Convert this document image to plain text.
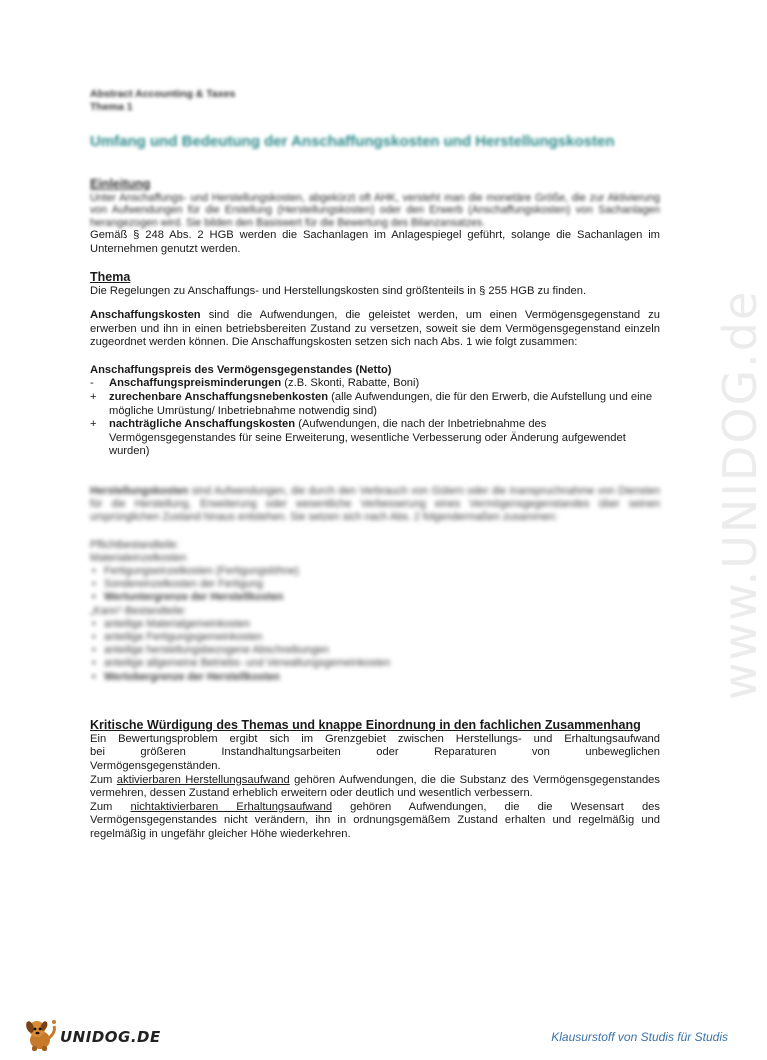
www.UNIDOG.de
Abstract Accounting & Taxes
Thema 1
Umfang und Bedeutung der Anschaffungskosten und Herstellungskosten
Einleitung

Unter Anschaffungs- und Herstellungskosten, abgekürzt oft AHK, versteht man die monetäre Größe, die zur Aktivierung von Aufwendungen für die Erstellung (Herstellungskosten) oder den Erwerb (Anschaffungskosten) von Sachanlagen herangezogen wird. Sie bilden den Basiswert für die Bewertung des Bilanzansatzes.

Gemäß § 248 Abs. 2 HGB werden die Sachanlagen im Anlagespiegel geführt, solange die Sachanlagen im Unternehmen genutzt werden.

Thema

Die Regelungen zu Anschaffungs- und Herstellungskosten sind größtenteils in § 255 HGB zu finden.

Anschaffungskosten sind die Aufwendungen, die geleistet werden, um einen Vermögensgegenstand zu erwerben und ihn in einen betriebsbereiten Zustand zu versetzen, soweit sie dem Vermögensgegenstand einzeln zugeordnet werden können. Die Anschaffungskosten setzen sich nach Abs. 1 wie folgt zusammen:

Anschaffungspreis des Vermögensgegenstandes (Netto)
-	Anschaffungspreisminderungen (z.B. Skonti, Rabatte, Boni)
+	zurechenbare Anschaffungsnebenkosten (alle Aufwendungen, die für den Erwerb, die Aufstellung und eine mögliche Umrüstung/ Inbetriebnahme notwendig sind)
+	nachträgliche Anschaffungskosten (Aufwendungen, die nach der Inbetriebnahme des Vermögensgegenstandes für seine Erweiterung, wesentliche Verbesserung oder Änderung aufgewendet wurden)

Herstellungskosten sind Aufwendungen, die durch den Verbrauch von Gütern oder die Inanspruchnahme von Diensten für die Herstellung, Erweiterung oder wesentliche Verbesserung eines Vermögensgegenstandes über seinen ursprünglichen Zustand hinaus entstehen. Sie setzen sich nach Abs. 2 folgendermaßen zusammen:

Pflichtbestandteile:
Materialeinzelkosten
• Fertigungseinzelkosten (Fertigungslöhne)
• Sondereinzelkosten der Fertigung
• Wertuntergrenze der Herstellkosten
„Kann“-Bestandteile:
• anteilige Materialgemeinkosten
• anteilige Fertigungsgemeinkosten
• anteilige herstellungsbezogene Abschreibungen
• anteilige allgemeine Betriebs- und Verwaltungsgemeinkosten
• Wertobergrenze der Herstellkosten
Kritische Würdigung des Themas und knappe Einordnung in den fachlichen Zusammenhang
Ein Bewertungsproblem ergibt sich im Grenzgebiet zwischen Herstellungs- und Erhaltungsaufwand
bei größeren Instandhaltungsarbeiten oder Reparaturen von unbeweglichen
Vermögensgegenständen.

Zum aktivierbaren Herstellungsaufwand gehören Aufwendungen, die die Substanz des Vermögensgegenstandes vermehren, dessen Zustand erheblich erweitern oder deutlich und wesentlich verbessern.

Zum nichtaktivierbaren Erhaltungsaufwand gehören Aufwendungen, die die Wesensart des Vermögensgegenstandes nicht verändern, ihn in ordnungsgemäßem Zustand erhalten und regelmäßig und regelmäßig in ungefähr gleicher Höhe wiederkehren.

UNIDOG.DE	Klausurstoff von Studis für Studis
